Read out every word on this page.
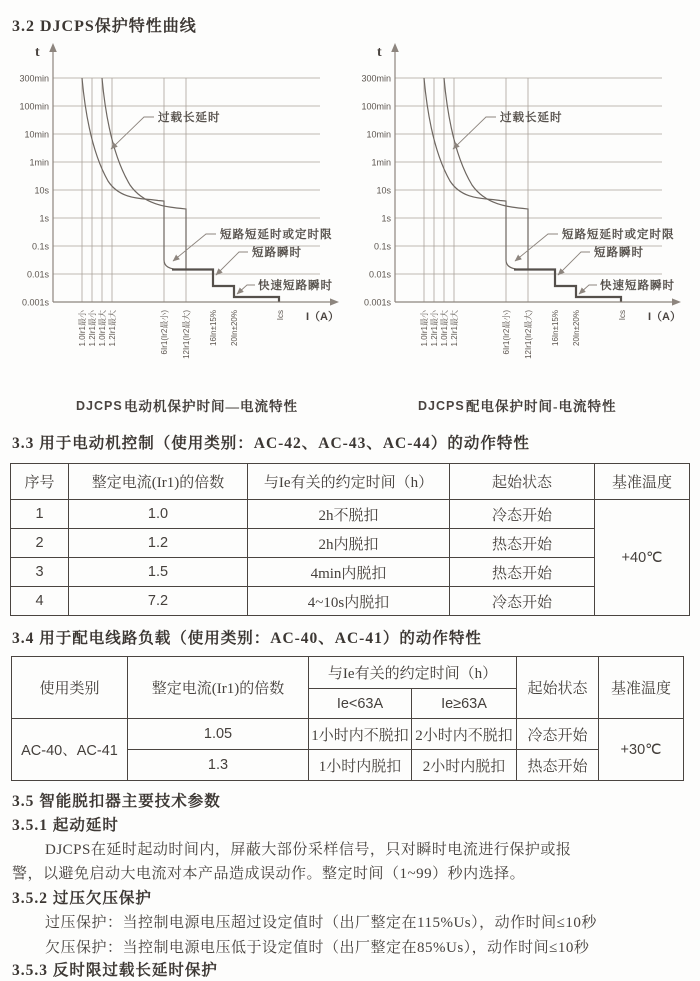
3.2 DJCPS保护特性曲线
t
I（A）
300min
100min
10min
1min
10s
1s
0.1s
0.01s
0.001s
1.0Ir1最小 1.2Ir1最小 1.0Ir1最大 1.2Ir1最大	6Ir1(Ir2最小) 12Ir1(Ir2最大) 16In±15% 20In±20%	Ics
过载长延时
短路短延时或定时限
短路瞬时
快速短路瞬时
DJCPS 电动机保护时间—电流特性
t
I（A）
300min
100min
10min
1min
10s
1s
0.1s
0.01s
0.001s
1.0Ir1最小 1.2Ir1最小 1.0Ir1最大 1.2Ir1最大	6Ir1(Ir2最小) 12Ir1(Ir2最大) 16In±15% 20In±20%	Ics
过载长延时
短路短延时或定时限
短路瞬时
快速短路瞬时
DJCPS 配电保护时间-电流特性
3.3 用于电动机控制（使用类别：AC-42、AC-43、AC-44）的动作特性
序号	整定电流(Ir1)的倍数	与Ie有关的约定时间（h）	起始状态	基准温度
1	1.0	2h不脱扣	冷态开始	+40℃
2	1.2	2h内脱扣	热态开始	
3	1.5	4min内脱扣	热态开始	
4	7.2	4~10s内脱扣	冷态开始	
3.4 用于配电线路负载（使用类别：AC-40、AC-41）的动作特性
使用类别	整定电流(Ir1)的倍数	与Ie有关的约定时间（h）		起始状态	基准温度
		Ie<63A	Ie≥63A		
AC-40、AC-41	1.05	1小时内不脱扣	2小时内不脱扣	冷态开始	+30℃
	1.3	1小时内脱扣	2小时内脱扣	热态开始	
3.5 智能脱扣器主要技术参数
3.5.1 起动延时
DJCPS在延时起动时间内，屏蔽大部份采样信号，只对瞬时电流进行保护或报
警，以避免启动大电流对本产品造成误动作。整定时间（1~99）秒内选择。
3.5.2 过压欠压保护
过压保护：当控制电源电压超过设定值时（出厂整定在115%Us），动作时间≤10秒
欠压保护：当控制电源电压低于设定值时（出厂整定在85%Us），动作时间≤10秒
3.5.3 反时限过载长延时保护
